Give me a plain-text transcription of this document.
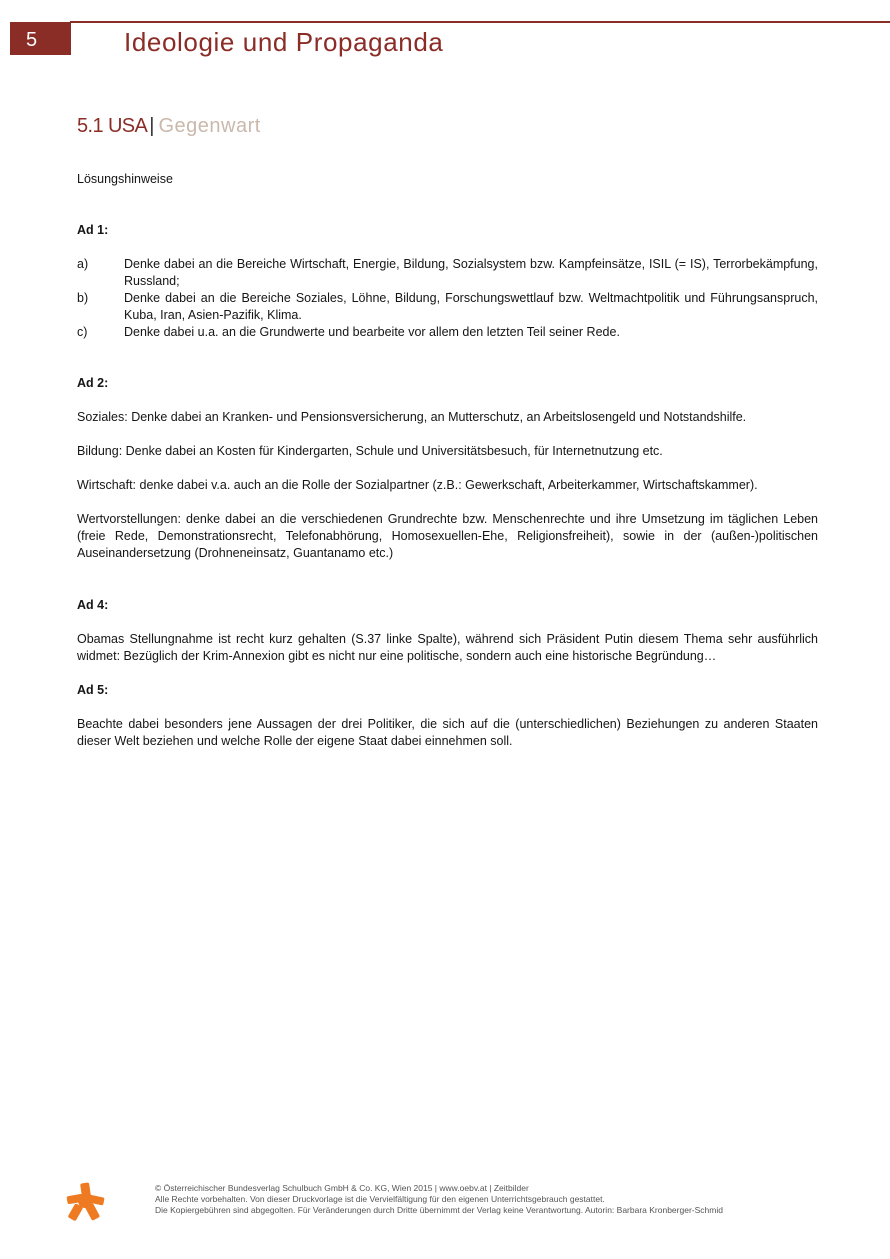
5	Ideologie und Propaganda
5.1 USA | Gegenwart
Lösungshinweise
Ad 1:
a)	Denke dabei an die Bereiche Wirtschaft, Energie, Bildung, Sozialsystem bzw. Kampfeinsätze, ISIL (= IS), Terrorbekämpfung, Russland;
b)	Denke dabei an die Bereiche Soziales, Löhne, Bildung, Forschungswettlauf bzw. Weltmachtpolitik und Führungsanspruch, Kuba, Iran, Asien-Pazifik, Klima.
c)	Denke dabei u.a. an die Grundwerte und bearbeite vor allem den letzten Teil seiner Rede.
Ad 2:
Soziales: Denke dabei an Kranken- und Pensionsversicherung, an Mutterschutz, an Arbeitslosengeld und Notstandshilfe.
Bildung: Denke dabei an Kosten für Kindergarten, Schule und Universitätsbesuch, für Internetnutzung etc.
Wirtschaft: denke dabei v.a. auch an die Rolle der Sozialpartner (z.B.: Gewerkschaft, Arbeiterkammer, Wirtschaftskammer).
Wertvorstellungen: denke dabei an die verschiedenen Grundrechte bzw. Menschenrechte und ihre Umsetzung im täglichen Leben (freie Rede, Demonstrationsrecht, Telefonabhörung, Homosexuellen-Ehe, Religionsfreiheit), sowie in der (außen-)politischen Auseinandersetzung (Drohneneinsatz, Guantanamo etc.)
Ad 4:
Obamas Stellungnahme ist recht kurz gehalten (S.37 linke Spalte), während sich Präsident Putin diesem Thema sehr ausführlich widmet: Bezüglich der Krim-Annexion gibt es nicht nur eine politische, sondern auch eine historische Begründung…
Ad 5:
Beachte dabei besonders jene Aussagen der drei Politiker, die sich auf die (unterschiedlichen) Beziehungen zu anderen Staaten dieser Welt beziehen und welche Rolle der eigene Staat dabei einnehmen soll.
© Österreichischer Bundesverlag Schulbuch GmbH & Co. KG, Wien 2015 | www.oebv.at | Zeitbilder
Alle Rechte vorbehalten. Von dieser Druckvorlage ist die Vervielfältigung für den eigenen Unterrichtsgebrauch gestattet.
Die Kopiergebühren sind abgegolten. Für Veränderungen durch Dritte übernimmt der Verlag keine Verantwortung. Autorin: Barbara Kronberger-Schmid
